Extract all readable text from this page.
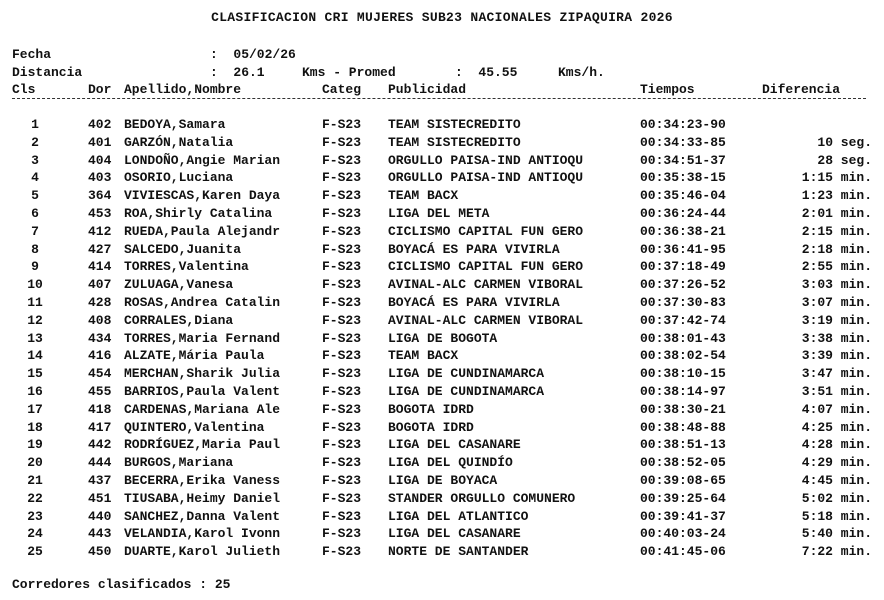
CLASIFICACION CRI MUJERES SUB23 NACIONALES ZIPAQUIRA 2026
Fecha	:  05/02/26
Distancia	:  26.1	Kms - Promed	:  45.55	Kms/h.
Cls	Dor Apellido,Nombre	Categ Publicidad	Tiempos	Diferencia
1	402 BEDOYA,Samara	F-S23 TEAM SISTECREDITO	00:34:23-90
2	401 GARZÓN,Natalia	F-S23 TEAM SISTECREDITO	00:34:33-85	10 seg.
3	404 LONDOÑO,Angie Marian	F-S23 ORGULLO PAISA-IND ANTIOQU	00:34:51-37	28 seg.
4	403 OSORIO,Luciana	F-S23 ORGULLO PAISA-IND ANTIOQU	00:35:38-15	1:15 min.
5	364 VIVIESCAS,Karen Daya	F-S23 TEAM BACX	00:35:46-04	1:23 min.
6	453 ROA,Shirly Catalina	F-S23 LIGA DEL META	00:36:24-44	2:01 min.
7	412 RUEDA,Paula Alejandr	F-S23 CICLISMO CAPITAL FUN GERO	00:36:38-21	2:15 min.
8	427 SALCEDO,Juanita	F-S23 BOYACÁ ES PARA VIVIRLA	00:36:41-95	2:18 min.
9	414 TORRES,Valentina	F-S23 CICLISMO CAPITAL FUN GERO	00:37:18-49	2:55 min.
10	407 ZULUAGA,Vanesa	F-S23 AVINAL-ALC CARMEN VIBORAL	00:37:26-52	3:03 min.
11	428 ROSAS,Andrea Catalin	F-S23 BOYACÁ ES PARA VIVIRLA	00:37:30-83	3:07 min.
12	408 CORRALES,Diana	F-S23 AVINAL-ALC CARMEN VIBORAL	00:37:42-74	3:19 min.
13	434 TORRES,Maria Fernand	F-S23 LIGA DE BOGOTA	00:38:01-43	3:38 min.
14	416 ALZATE,Mária Paula	F-S23 TEAM BACX	00:38:02-54	3:39 min.
15	454 MERCHAN,Sharik Julia	F-S23 LIGA DE CUNDINAMARCA	00:38:10-15	3:47 min.
16	455 BARRIOS,Paula Valent	F-S23 LIGA DE CUNDINAMARCA	00:38:14-97	3:51 min.
17	418 CARDENAS,Mariana Ale	F-S23 BOGOTA IDRD	00:38:30-21	4:07 min.
18	417 QUINTERO,Valentina	F-S23 BOGOTA IDRD	00:38:48-88	4:25 min.
19	442 RODRÍGUEZ,Maria Paul	F-S23 LIGA DEL CASANARE	00:38:51-13	4:28 min.
20	444 BURGOS,Mariana	F-S23 LIGA DEL QUINDÍO	00:38:52-05	4:29 min.
21	437 BECERRA,Erika Vaness	F-S23 LIGA DE BOYACA	00:39:08-65	4:45 min.
22	451 TIUSABA,Heimy Daniel	F-S23 STANDER ORGULLO COMUNERO	00:39:25-64	5:02 min.
23	440 SANCHEZ,Danna Valent	F-S23 LIGA DEL ATLANTICO	00:39:41-37	5:18 min.
24	443 VELANDIA,Karol Ivonn	F-S23 LIGA DEL CASANARE	00:40:03-24	5:40 min.
25	450 DUARTE,Karol Julieth	F-S23 NORTE DE SANTANDER	00:41:45-06	7:22 min.
Corredores clasificados : 25
